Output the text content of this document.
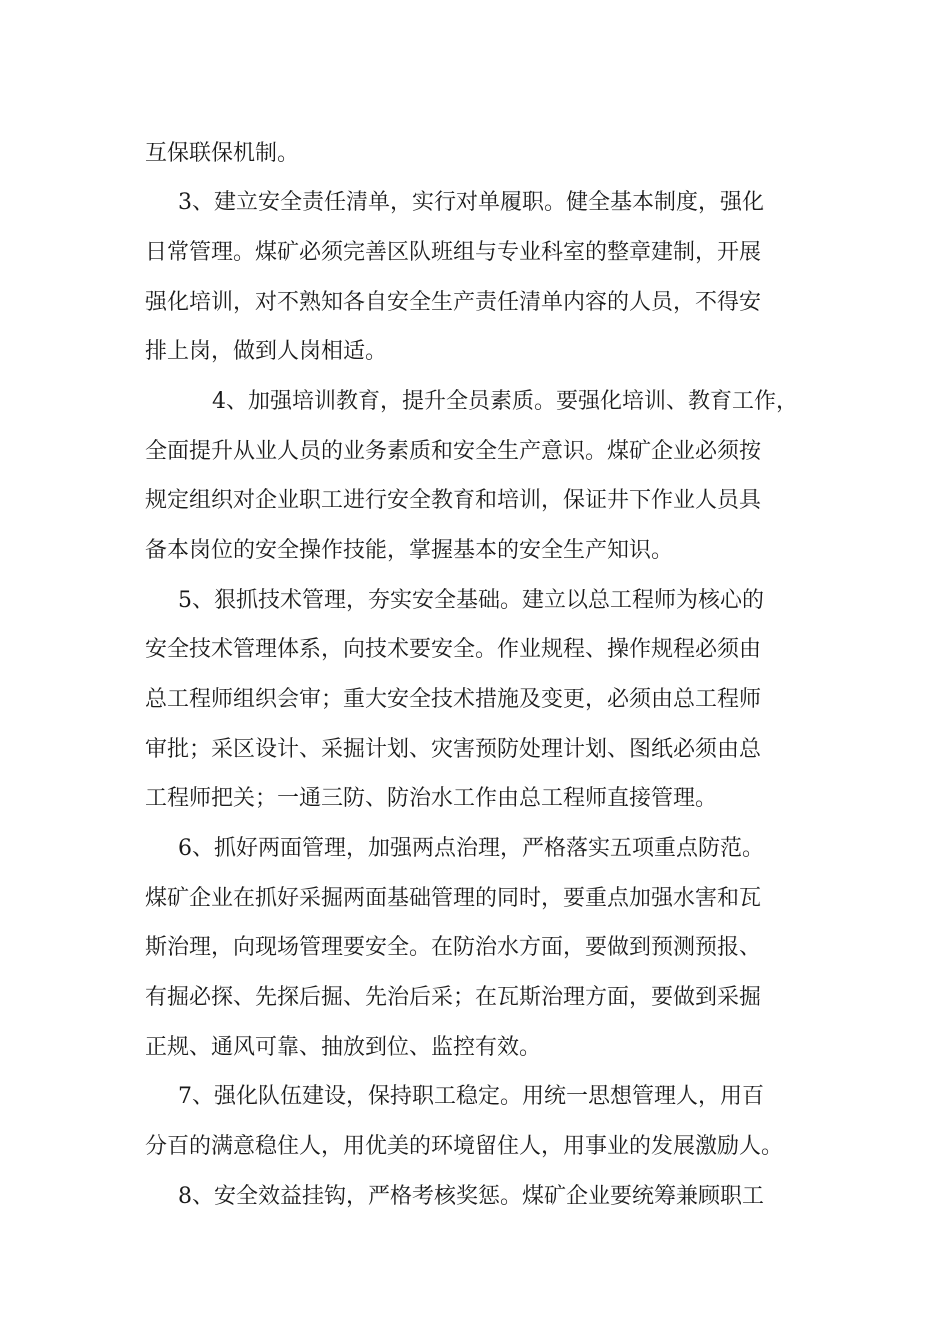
互保联保机制。

3、建立安全责任清单，实行对单履职。健全基本制度，强化

日常管理。煤矿必须完善区队班组与专业科室的整章建制，开展

强化培训，对不熟知各自安全生产责任清单内容的人员，不得安

排上岗，做到人岗相适。

4、加强培训教育，提升全员素质。要强化培训、教育工作，

全面提升从业人员的业务素质和安全生产意识。煤矿企业必须按

规定组织对企业职工进行安全教育和培训，保证井下作业人员具

备本岗位的安全操作技能，掌握基本的安全生产知识。

5、狠抓技术管理，夯实安全基础。建立以总工程师为核心的

安全技术管理体系，向技术要安全。作业规程、操作规程必须由

总工程师组织会审；重大安全技术措施及变更，必须由总工程师

审批；采区设计、采掘计划、灾害预防处理计划、图纸必须由总

工程师把关；一通三防、防治水工作由总工程师直接管理。

6、抓好两面管理，加强两点治理，严格落实五项重点防范。

煤矿企业在抓好采掘两面基础管理的同时，要重点加强水害和瓦

斯治理，向现场管理要安全。在防治水方面，要做到预测预报、

有掘必探、先探后掘、先治后采；在瓦斯治理方面，要做到采掘

正规、通风可靠、抽放到位、监控有效。

7、强化队伍建设，保持职工稳定。用统一思想管理人，用百

分百的满意稳住人，用优美的环境留住人，用事业的发展激励人。

8、安全效益挂钩，严格考核奖惩。煤矿企业要统筹兼顾职工
